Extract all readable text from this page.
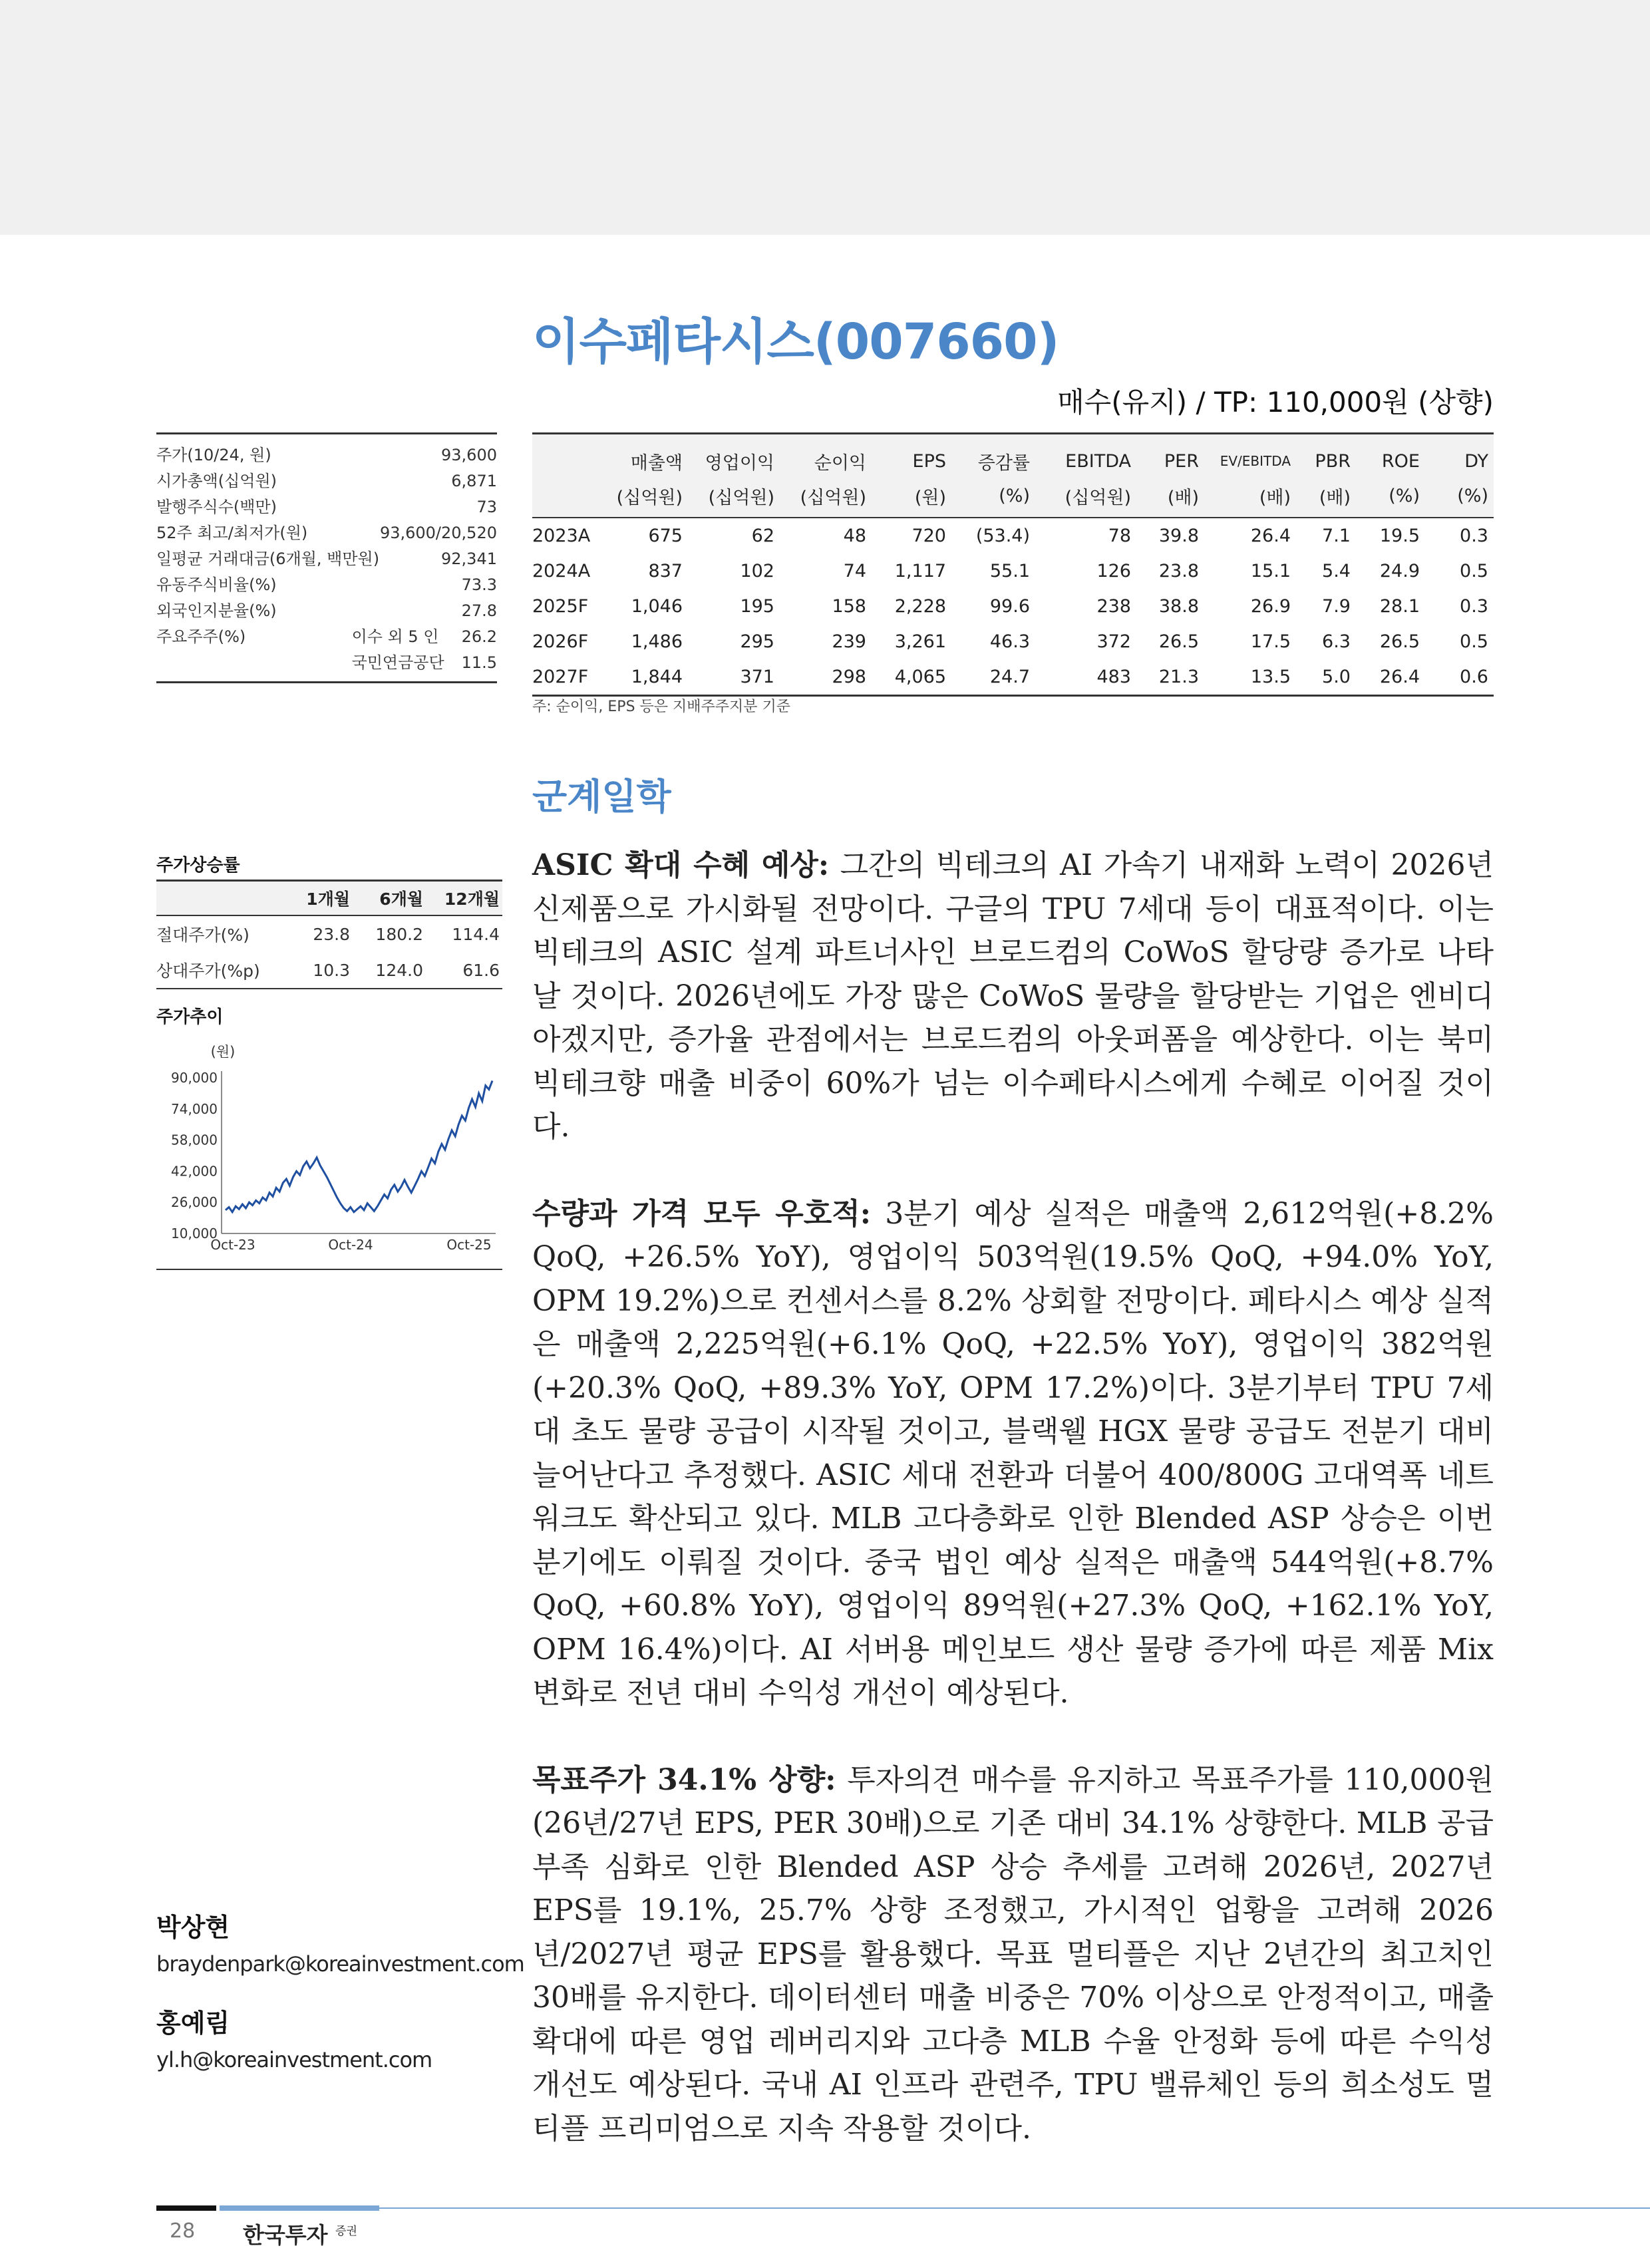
이수페타시스(007660)
매수(유지) / TP: 110,000원 (상향)
주가(10/24, 원)	93,600
시가총액(십억원)	6,871
발행주식수(백만)	73
52주 최고/최저가(원)	93,600/20,520
일평균 거래대금(6개월, 백만원)	92,341
유동주식비율(%)	73.3
외국인지분율(%)	27.8
주요주주(%)	이수 외 5 인	26.2
국민연금공단	11.5
	매출액	영업이익	순이익	EPS	증감률	EBITDA	PER	EV/EBITDA	PBR	ROE	DY
	(십억원)	(십억원)	(십억원)	(원)	(%)	(십억원)	(배)	(배)	(배)	(%)	(%)
2023A	675	62	48	720	(53.4)	78	39.8	26.4	7.1	19.5	0.3
2024A	837	102	74	1,117	55.1	126	23.8	15.1	5.4	24.9	0.5
2025F	1,046	195	158	2,228	99.6	238	38.8	26.9	7.9	28.1	0.3
2026F	1,486	295	239	3,261	46.3	372	26.5	17.5	6.3	26.5	0.5
2027F	1,844	371	298	4,065	24.7	483	21.3	13.5	5.0	26.4	0.6
주: 순이익, EPS 등은 지배주주지분 기준
군계일학
주가상승률
	1개월	6개월	12개월
절대주가(%)	23.8	180.2	114.4
상대주가(%p)	10.3	124.0	61.6
주가추이
(원)
90,000
74,000
58,000
42,000
26,000
10,000
Oct-23	Oct-24	Oct-25

ASIC 확대 수혜 예상: 그간의 빅테크의 AI 가속기 내재화 노력이 2026년 신제품으로 가시화될 전망이다. 구글의 TPU 7세대 등이 대표적이다. 이는 빅테크의 ASIC 설계 파트너사인 브로드컴의 CoWoS 할당량 증가로 나타날 것이다. 2026년에도 가장 많은 CoWoS 물량을 할당받는 기업은 엔비디아겠지만, 증가율 관점에서는 브로드컴의 아웃퍼폼을 예상한다. 이는 북미 빅테크향 매출 비중이 60%가 넘는 이수페타시스에게 수혜로 이어질 것이다.

수량과 가격 모두 우호적: 3분기 예상 실적은 매출액 2,612억원(+8.2% QoQ, +26.5% YoY), 영업이익 503억원(19.5% QoQ, +94.0% YoY, OPM 19.2%)으로 컨센서스를 8.2% 상회할 전망이다. 페타시스 예상 실적은 매출액 2,225억원(+6.1% QoQ, +22.5% YoY), 영업이익 382억원(+20.3% QoQ, +89.3% YoY, OPM 17.2%)이다. 3분기부터 TPU 7세대 초도 물량 공급이 시작될 것이고, 블랙웰 HGX 물량 공급도 전분기 대비 늘어난다고 추정했다. ASIC 세대 전환과 더불어 400/800G 고대역폭 네트워크도 확산되고 있다. MLB 고다층화로 인한 Blended ASP 상승은 이번 분기에도 이뤄질 것이다. 중국 법인 예상 실적은 매출액 544억원(+8.7% QoQ, +60.8% YoY), 영업이익 89억원(+27.3% QoQ, +162.1% YoY, OPM 16.4%)이다. AI 서버용 메인보드 생산 물량 증가에 따른 제품 Mix 변화로 전년 대비 수익성 개선이 예상된다.

목표주가 34.1% 상향: 투자의견 매수를 유지하고 목표주가를 110,000원(26년/27년 EPS, PER 30배)으로 기존 대비 34.1% 상향한다. MLB 공급 부족 심화로 인한 Blended ASP 상승 추세를 고려해 2026년, 2027년 EPS를 19.1%, 25.7% 상향 조정했고, 가시적인 업황을 고려해 2026년/2027년 평균 EPS를 활용했다. 목표 멀티플은 지난 2년간의 최고치인 30배를 유지한다. 데이터센터 매출 비중은 70% 이상으로 안정적이고, 매출 확대에 따른 영업 레버리지와 고다층 MLB 수율 안정화 등에 따른 수익성 개선도 예상된다. 국내 AI 인프라 관련주, TPU 밸류체인 등의 희소성도 멀티플 프리미엄으로 지속 작용할 것이다.

박상현
braydenpark@koreainvestment.com
홍예림
yl.h@koreainvestment.com
28 한국투자 $^{증권}$
